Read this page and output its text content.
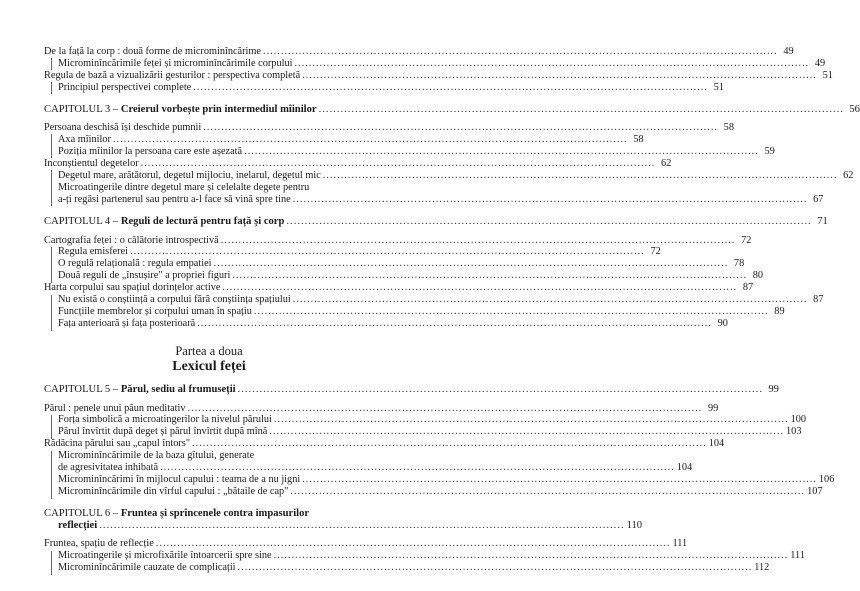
De la față la corp : două forme de microminîncărime .....	49
Microminîncărimile feței și microminîncărimile corpului .....	49
Regula de bază a vizualizării gesturilor : perspectiva completă .....	51
Principiul perspectivei complete .....	51
CAPITOLUL 3 – Creierul vorbește prin intermediul mîinilor .....	56
Persoana deschisă își deschide pumnii .....	58
Axa mîinilor .....	58
Poziția mîinilor la persoana care este așezată .....	59
Inconștientul degetelor .....	62
Degetul mare, arătătorul, degetul mijlociu, inelarul, degetul mic .....	62
Microatingerile dintre degetul mare și celelalte degete pentru
a-ți regăsi partenerul sau pentru a-l face să vină spre tine .....	67
CAPITOLUL 4 – Reguli de lectură pentru față și corp .....	71
Cartografia feței : o călătorie introspectivă .....	72
Regula emisferei .....	72
O regulă relațională : regula empatiei .....	78
Două reguli de „însușire" a propriei figuri .....	80
Harta corpului sau spațiul dorințelor active .....	87
Nu există o conștiință a corpului fără conștiința spațiului .....	87
Funcțiile membrelor și corpului uman în spațiu .....	89
Fața anterioară și fața posterioară .....	90
Partea a doua
Lexicul feței
CAPITOLUL 5 – Părul, sediu al frumuseții .....	99
Părul : penele unui păun meditativ .....	99
Forța simbolică a microatingerilor la nivelul părului .....	100
Părul învîrtit după deget și părul învîrtit după mînă .....	103
Rădăcina părului sau „capul întors" .....	104
Microminîncărimile de la baza gîtului, generate
de agresivitatea inhibată .....	104
Microminîncărimi în mijlocul capului : teama de a nu jigni .....	106
Microminîncărimile din vîrful capului : „bătaile de cap" .....	107
CAPITOLUL 6 – Fruntea și sprîncenele contra impasurilor
reflecției .....	110
Fruntea, spațiu de reflecție .....	111
Microatingerile și microfixările întoarcerii spre sine .....	111
Microminîncărimile cauzate de complicații .....	112
